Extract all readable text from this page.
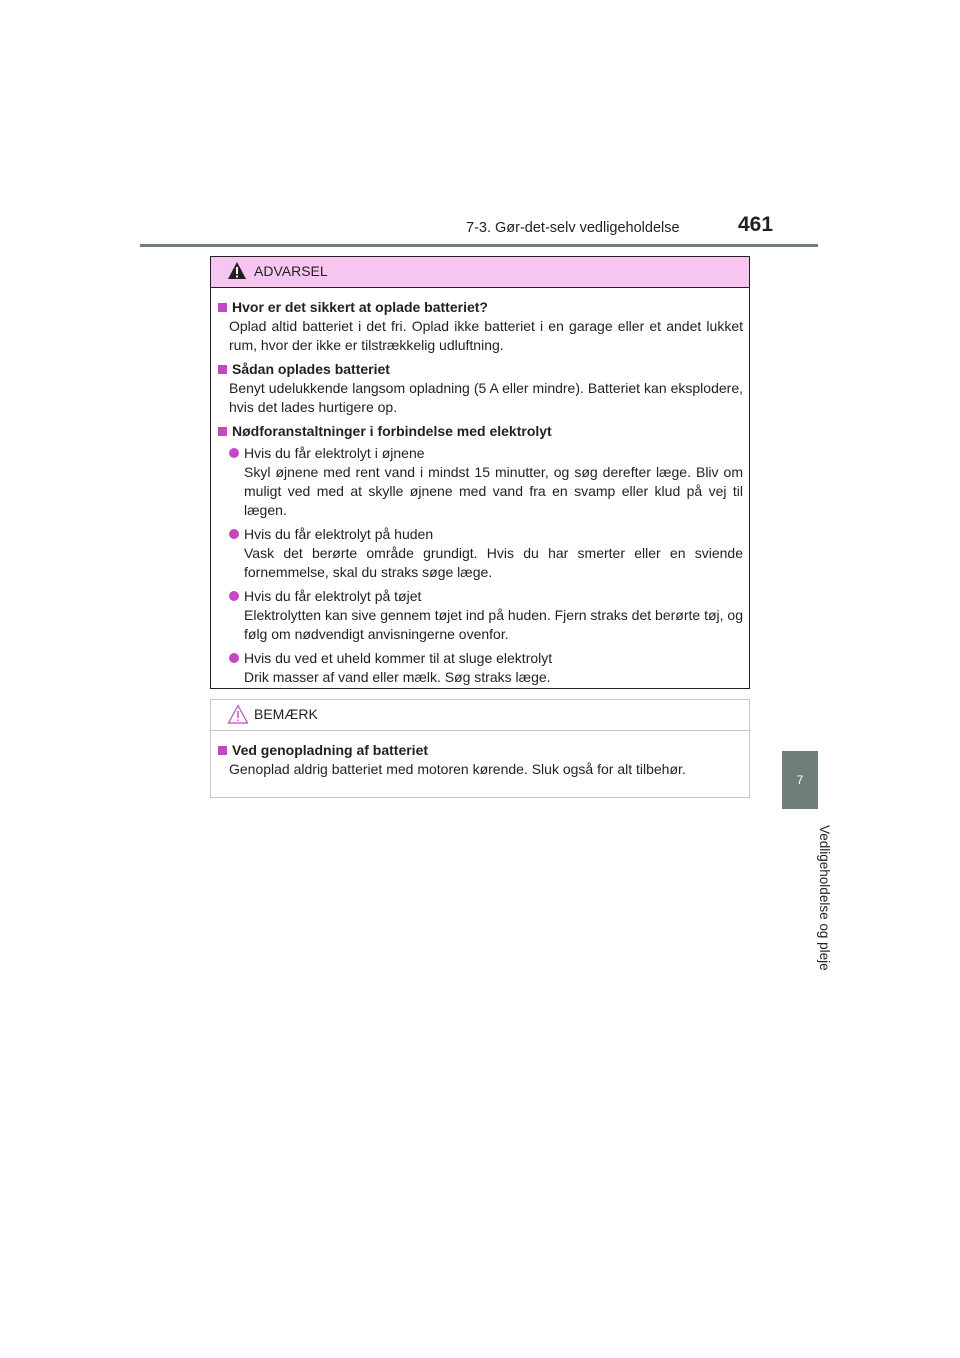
7-3. Gør-det-selv vedligeholdelse	461
7
Vedligeholdelse og pleje
ADVARSEL
Hvor er det sikkert at oplade batteriet?
Oplad altid batteriet i det fri. Oplad ikke batteriet i en garage eller et andet lukket rum, hvor der ikke er tilstrækkelig udluftning.
Sådan oplades batteriet
Benyt udelukkende langsom opladning (5 A eller mindre). Batteriet kan eksplodere, hvis det lades hurtigere op.
Nødforanstaltninger i forbindelse med elektrolyt
Hvis du får elektrolyt i øjnene
Skyl øjnene med rent vand i mindst 15 minutter, og søg derefter læge. Bliv om muligt ved med at skylle øjnene med vand fra en svamp eller klud på vej til lægen.
Hvis du får elektrolyt på huden
Vask det berørte område grundigt. Hvis du har smerter eller en sviende fornemmelse, skal du straks søge læge.
Hvis du får elektrolyt på tøjet
Elektrolytten kan sive gennem tøjet ind på huden. Fjern straks det berørte tøj, og følg om nødvendigt anvisningerne ovenfor.
Hvis du ved et uheld kommer til at sluge elektrolyt
Drik masser af vand eller mælk. Søg straks læge.
BEMÆRK
Ved genopladning af batteriet
Genoplad aldrig batteriet med motoren kørende. Sluk også for alt tilbehør.
